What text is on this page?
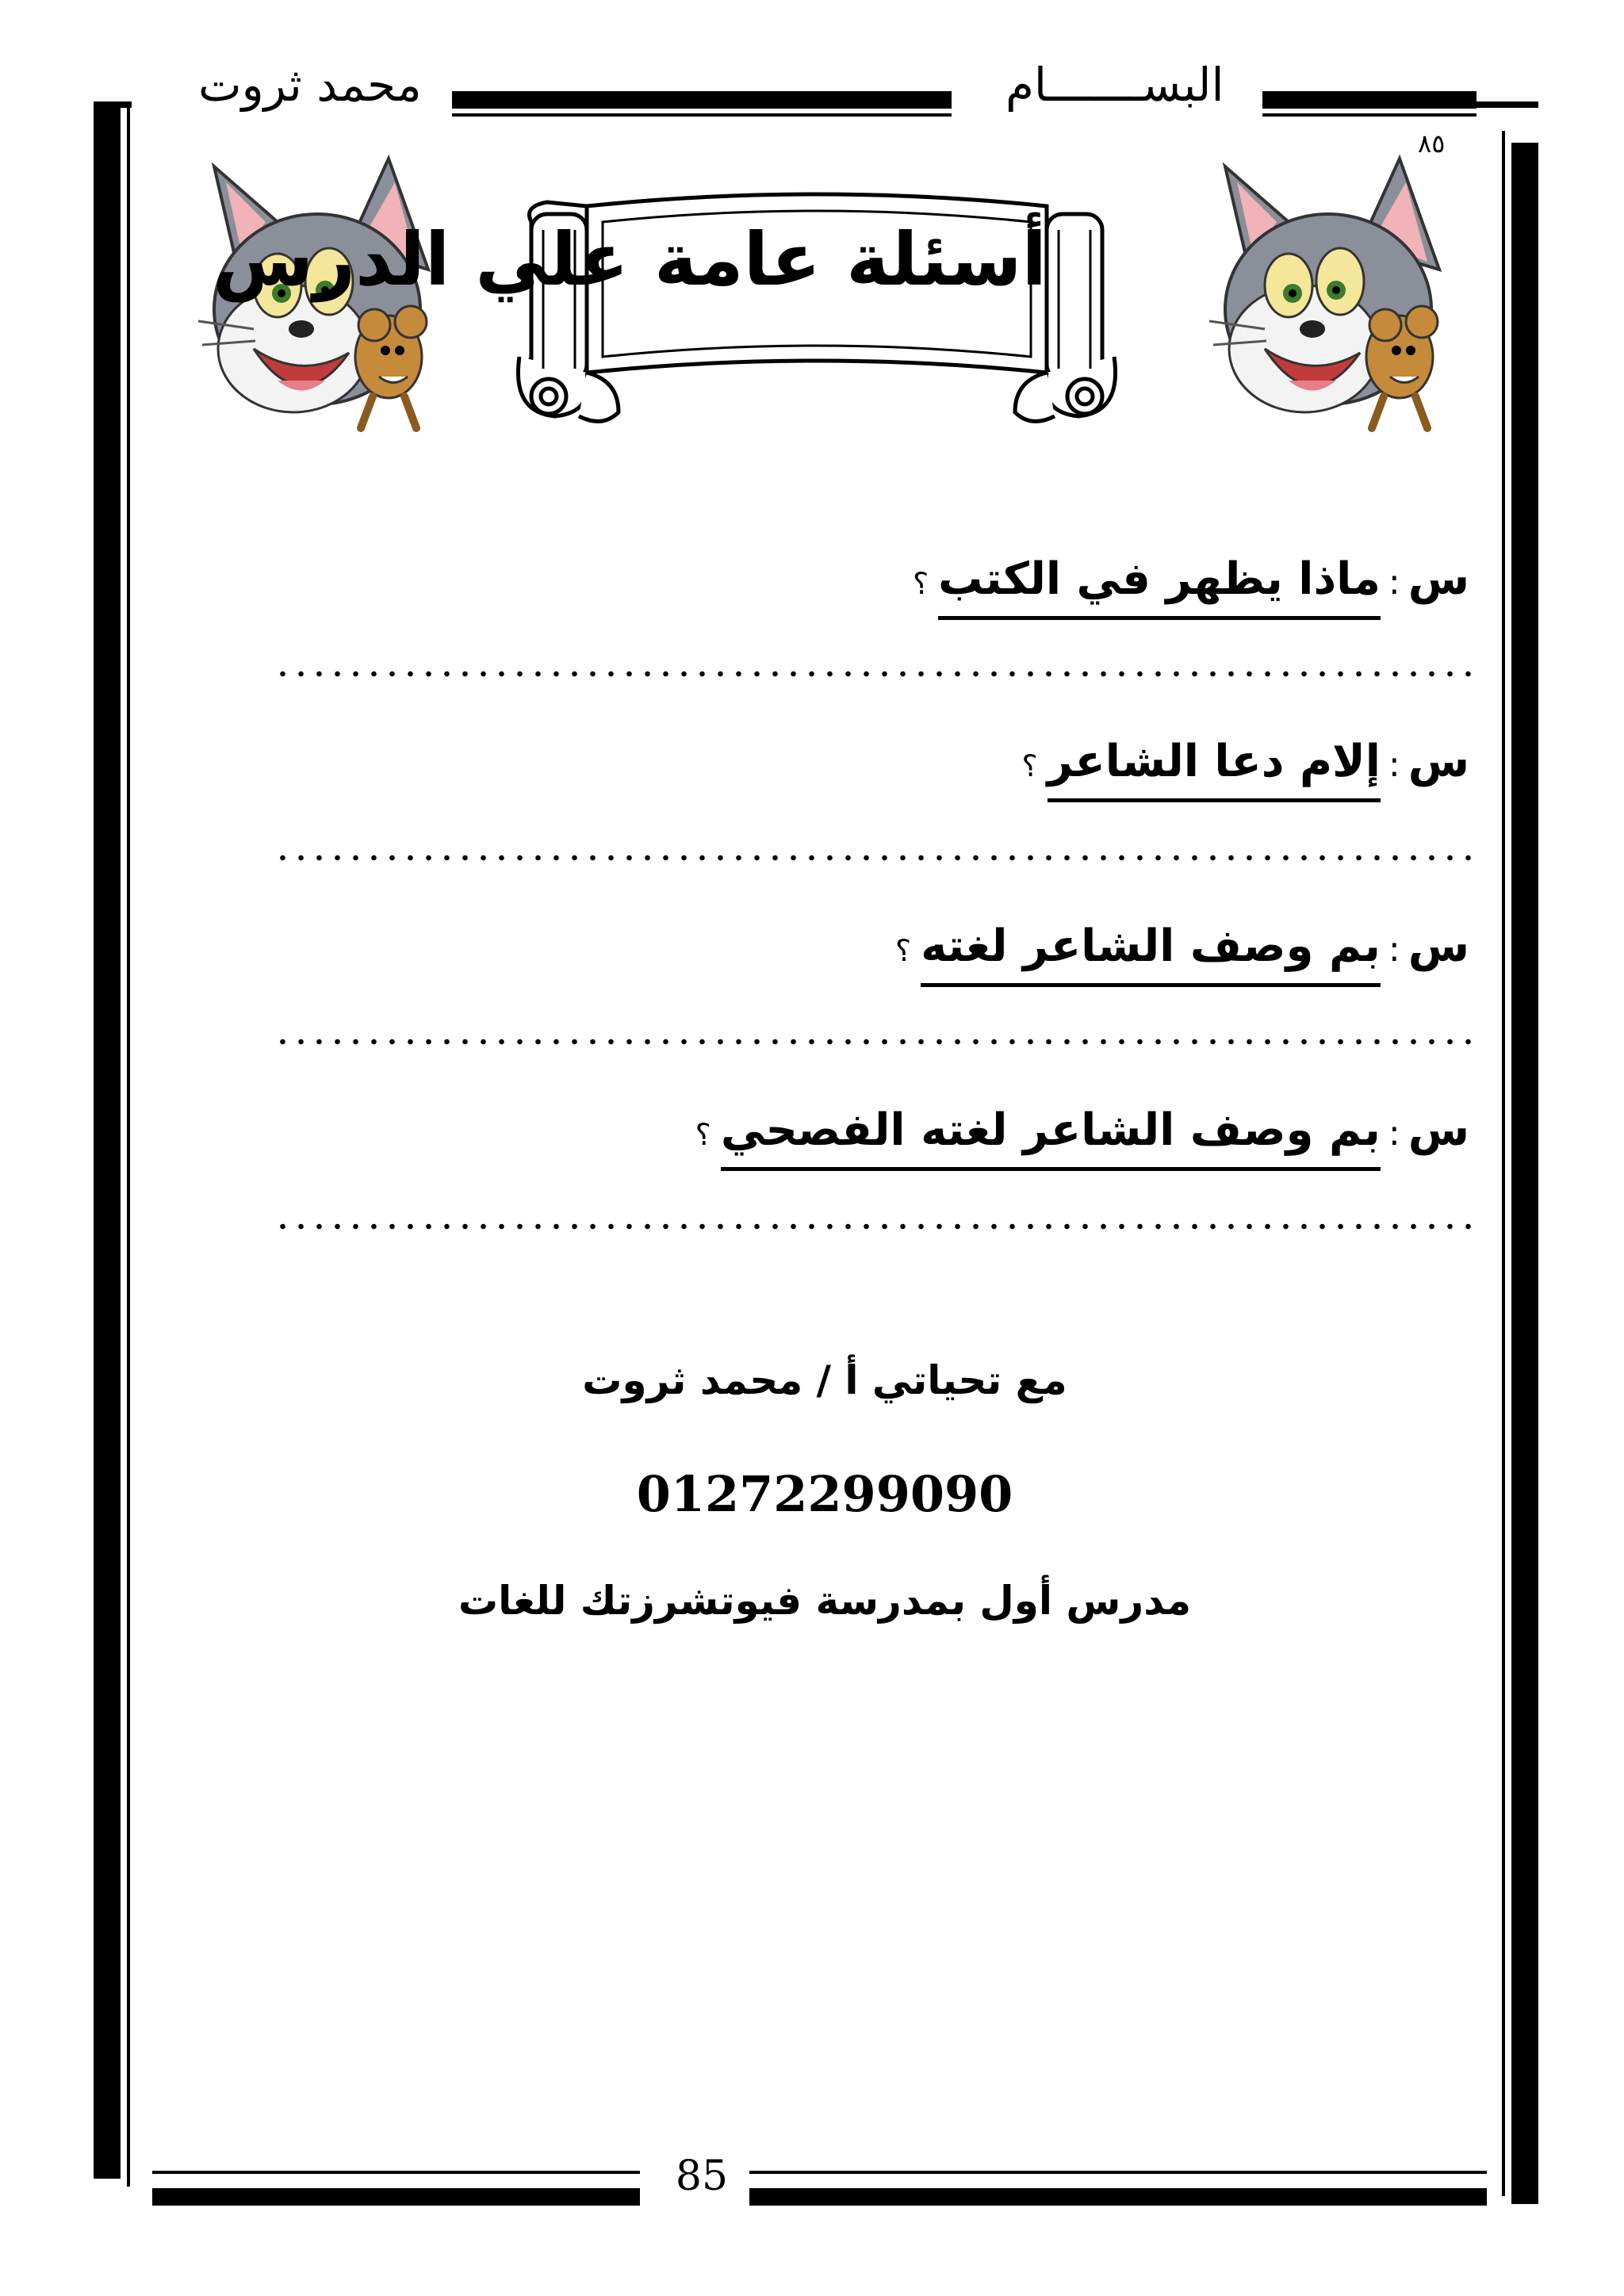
محمد ثروت	البســـــــام
٨٥
أسئلة عامة علي الدرس
س:ماذا يظهر في الكتب؟
س:إلام دعا الشاعر؟
س:بم وصف الشاعر لغته؟
س:بم وصف الشاعر لغته الفصحي؟
مع تحياتي أ / محمد ثروت
01272299090
مدرس أول بمدرسة فيوتشرزتك للغات
85
